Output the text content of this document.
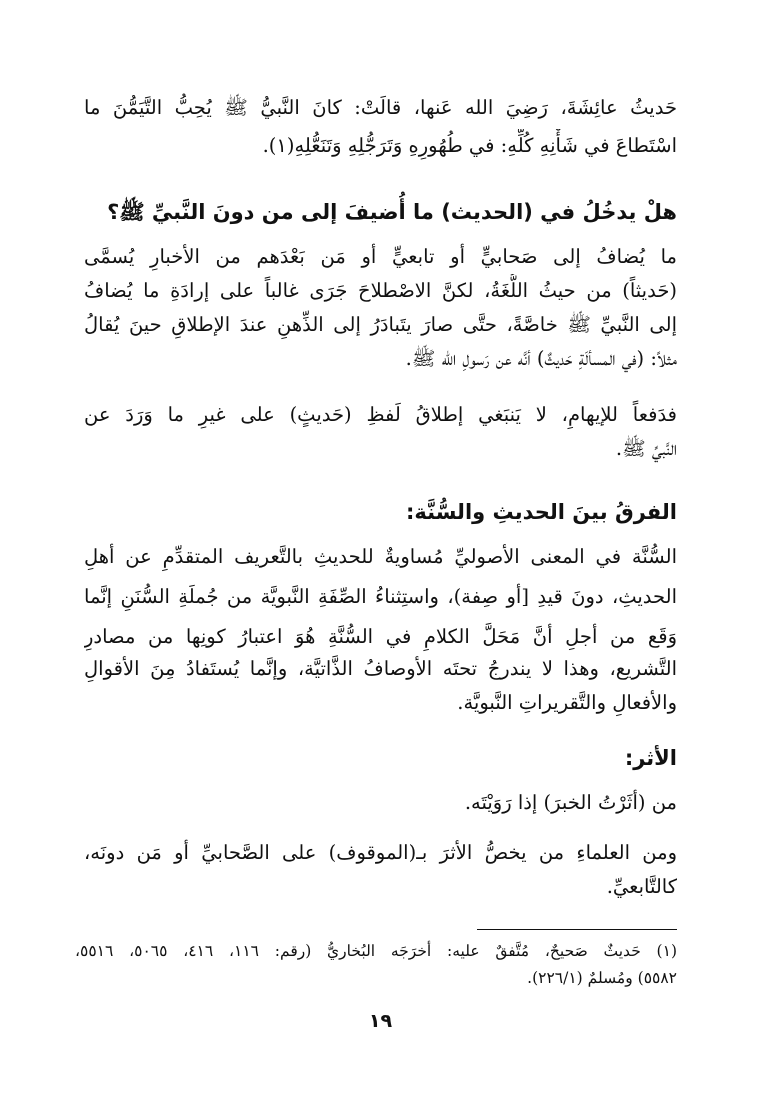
حَديثُ عائِشَةَ، رَضِيَ الله عَنها، قالَتْ: كانَ النَّبيُّ ﷺ يُحِبُّ التَّيَمُّنَ ما

اسْتَطاعَ في شَأْنِهِ كُلِّهِ: في طُهُورِهِ وَتَرَجُّلِهِ وَتَنَعُّلِهِ(١).

هلْ يدخُلُ في (الحديث) ما أُضيفَ إلى من دونَ النَّبيِّ ﷺ؟

ما يُضافُ إلى صَحابيٍّ أو تابعيٍّ أو مَن بَعْدَهم من الأخبارِ يُسمَّى

(حَديثاً) من حيثُ اللُّغَةُ، لكنَّ الاصْطلاحَ جَرَى غالباً على إرادَةِ ما يُضافُ

إلى النَّبيِّ ﷺ خاصَّةً، حتَّى صارَ يتَبادَرُ إلى الذِّهنِ عندَ الإطلاقِ حينَ يُقالُ

مثلاً: (في المسألَةِ حَديثٌ) أنَّه عن رَسولِ الله ﷺ.

فدَفعاً للإيهامِ، لا يَنبَغي إطلاقُ لَفظِ (حَديثٍ) على غيرِ ما وَرَدَ عن

النَّبيِّ ﷺ.

الفرقُ بينَ الحديثِ والسُّنَّة:

السُّنَّة في المعنى الأصوليِّ مُساويةٌ للحديثِ بالتَّعريف المتقدِّمِ عن أهلِ

الحديثِ، دونَ قيدِ [أو صِفة)، واستِثناءُ الصِّفَةِ النَّبويَّة من جُملَةِ السُّنَنِ إنَّما

وَقَع من أجلِ أنَّ مَحَلَّ الكلامِ في السُّنَّةِ هُوَ اعتبارُ كونِها من مصادرِ

التَّشريع، وهذا لا يندرجُ تحتَه الأوصافُ الذَّاتيَّة، وإنَّما يُستَفادُ مِنَ الأقوالِ

والأفعالِ والتَّقريراتِ النَّبويَّة.

الأثر:

من (أثَرْتُ الخبرَ) إذا رَوَيْتَه.

ومن العلماءِ من يخصُّ الأثرَ بـ(الموقوف) على الصَّحابيِّ أو مَن دونَه،

كالتَّابعيِّ.

(١) حَديثٌ صَحيحٌ، مُتَّفقٌ عليه: أخرَجَه البُخاريُّ (رقم: ١١٦، ٤١٦، ٥٠٦٥، ٥٥١٦،

٥٥٨٢) ومُسلمٌ (٢٢٦/١).

١٩
